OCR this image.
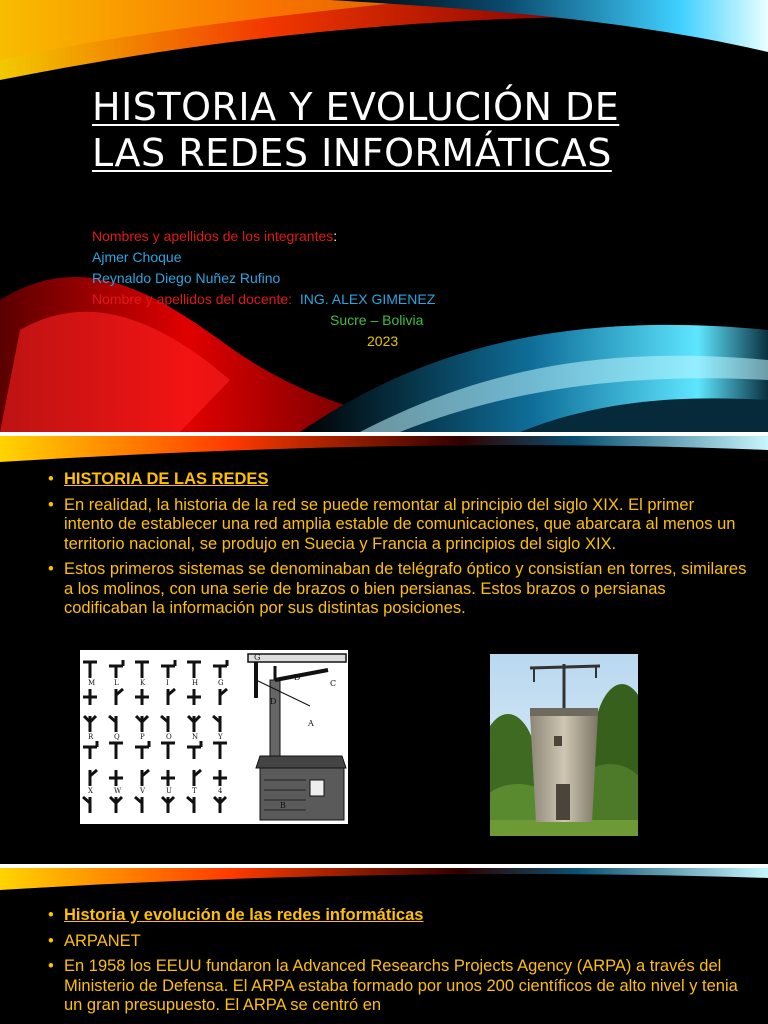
HISTORIA Y EVOLUCIÓN DE
LAS REDES INFORMÁTICAS
Nombres y apellidos de los integrantes:
Ajmer Choque
Reynaldo Diego Nuñez Rufino
Nombre y apellidos del docente: ING. ALEX GIMENEZ
Sucre – Bolivia
2023
• HISTORIA DE LAS REDES
• En realidad, la historia de la red se puede remontar al principio del siglo XIX. El primer intento de establecer una red amplia estable de comunicaciones, que abarcara al menos un territorio nacional, se produjo en Suecia y Francia a principios del siglo XIX.
• Estos primeros sistemas se denominaban de telégrafo óptico y consistían en torres, similares a los molinos, con una serie de brazos o bien persianas. Estos brazos o persianas codificaban la información por sus distintas posiciones.
M	L	K	I	H	G
R	Q	P	O	N	Y
X	W	V	U	T	4
G
D
C
D
A
B
• Historia y evolución de las redes informáticas
• ARPANET
• En 1958 los EEUU fundaron la Advanced Researchs Projects Agency (ARPA) a través del Ministerio de Defensa. El ARPA estaba formado por unos 200 científicos de alto nivel y tenia un gran presupuesto. El ARPA se centró en
